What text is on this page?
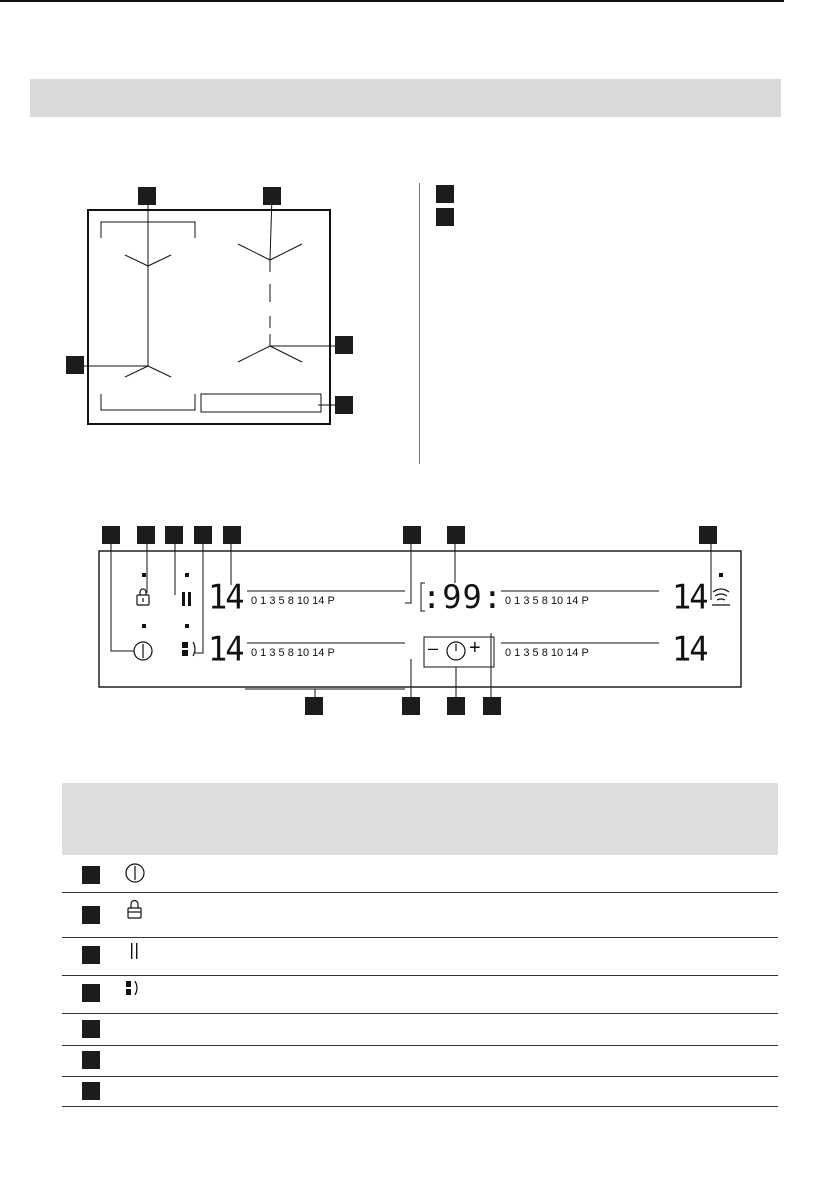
14
14
14
14
:99:
0 1 3 5 8 10 14 P
0 1 3 5 8 10 14 P
0 1 3 5 8 10 14 P
0 1 3 5 8 10 14 P
– +
